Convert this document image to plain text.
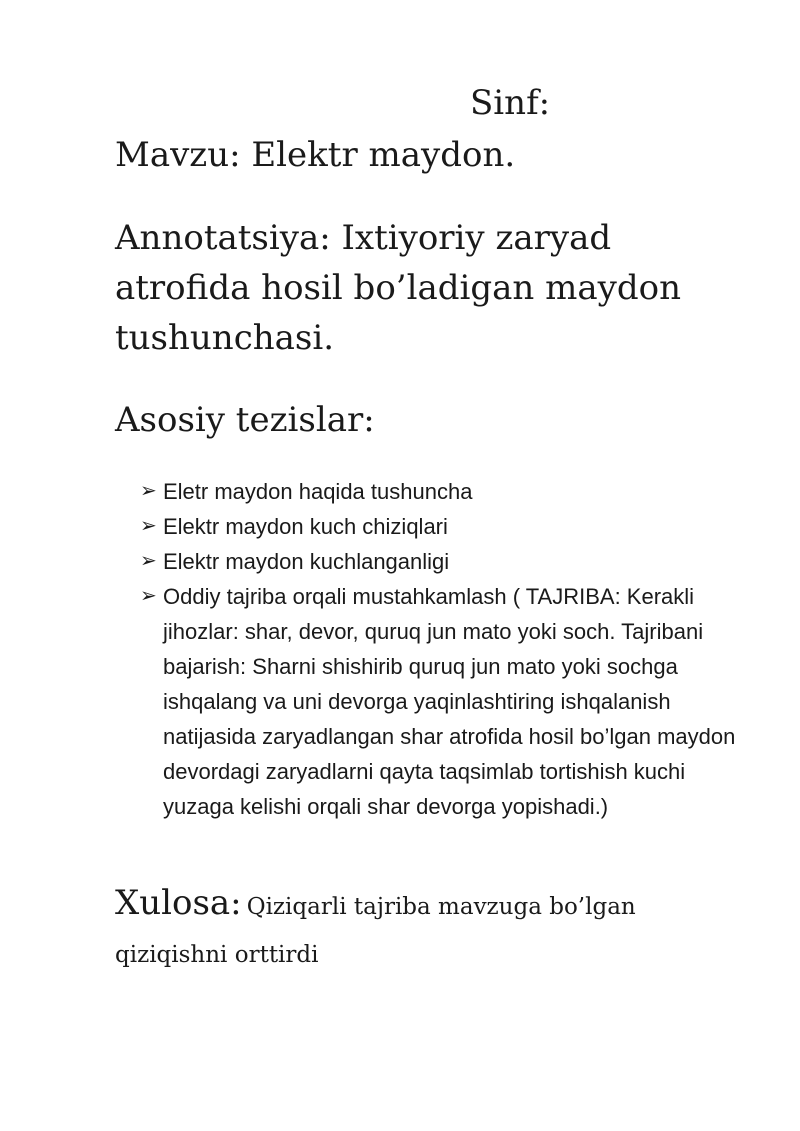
Sinf:
Mavzu: Elektr maydon.
Annotatsiya: Ixtiyoriy zaryad atrofida hosil bo’ladigan maydon tushunchasi.
Asosiy tezislar:
➢ Eletr maydon haqida tushuncha
➢ Elektr maydon kuch chiziqlari
➢ Elektr maydon kuchlanganligi
➢ Oddiy tajriba orqali mustahkamlash ( TAJRIBA: Kerakli jihozlar: shar, devor, quruq jun mato yoki soch. Tajribani bajarish: Sharni shishirib quruq jun mato yoki sochga ishqalang va uni devorga yaqinlashtiring ishqalanish natijasida zaryadlangan shar atrofida hosil bo’lgan maydon devordagi zaryadlarni qayta taqsimlab tortishish kuchi yuzaga kelishi orqali shar devorga yopishadi.)
Xulosa: Qiziqarli tajriba mavzuga bo’lgan qiziqishni orttirdi
